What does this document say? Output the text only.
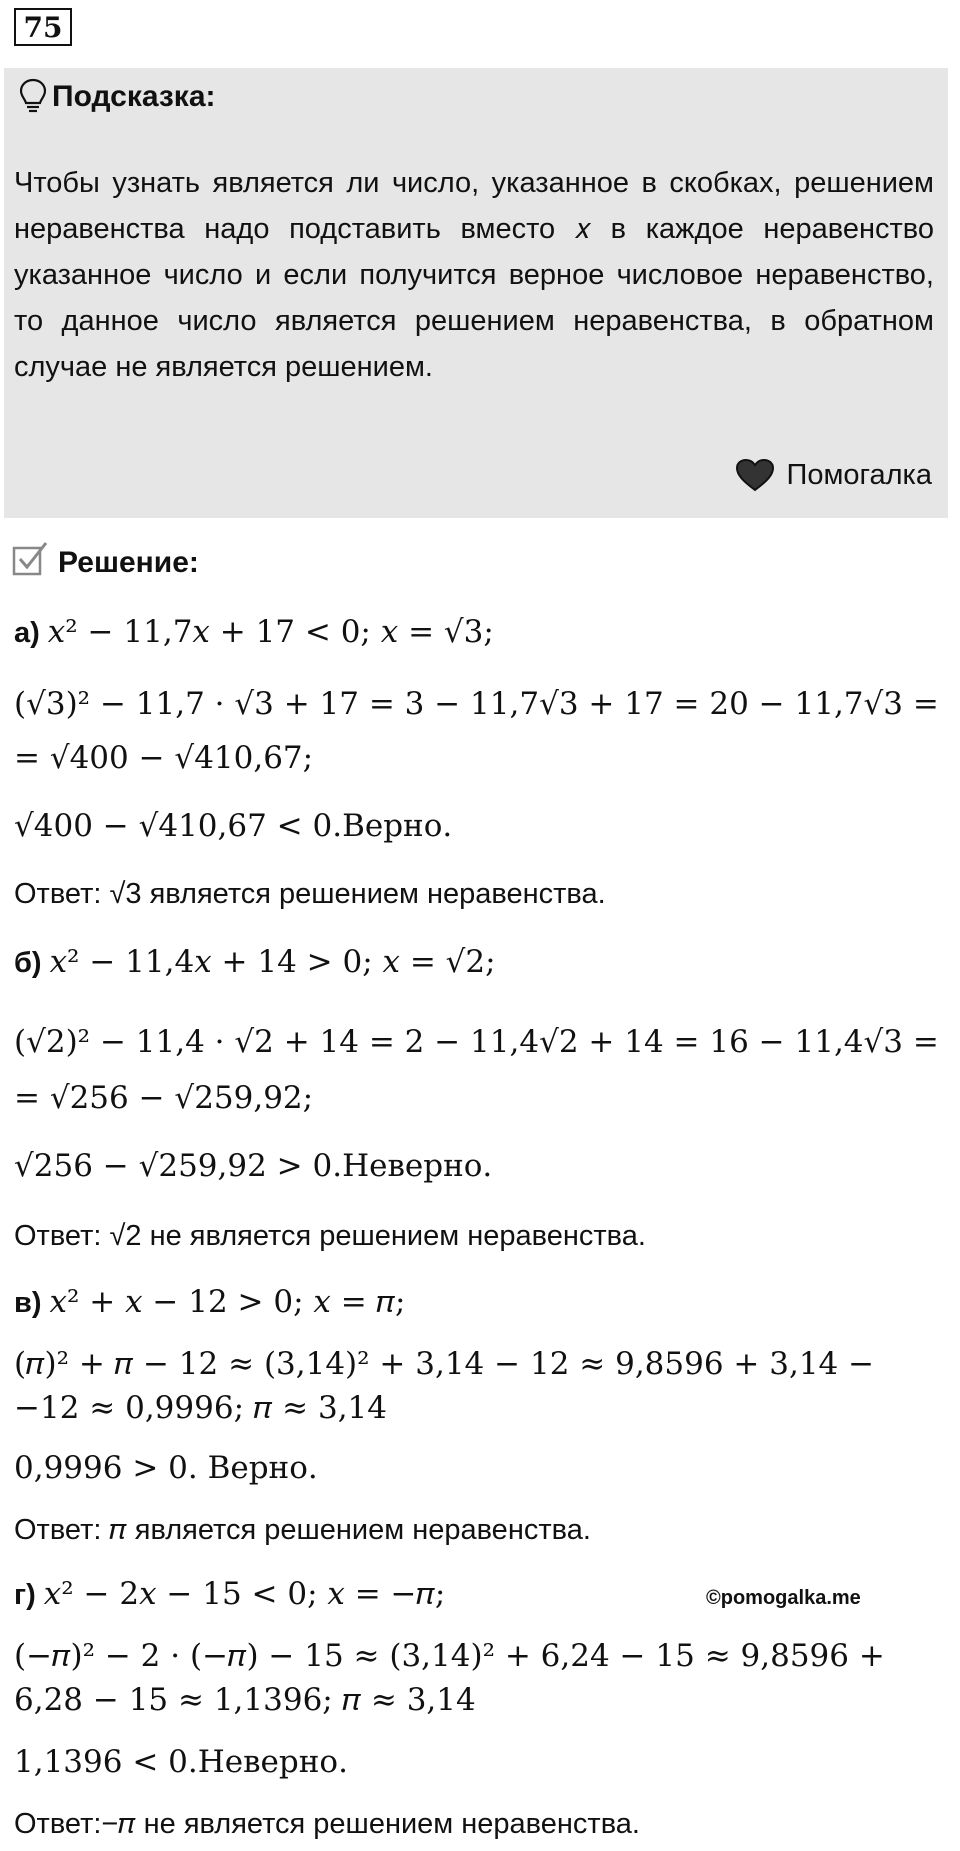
75
Подсказка:
Чтобы узнать является ли число, указанное в скобках, решением неравенства надо подставить вместо 𝑥 в каждое неравенство указанное число и если получится верное числовое неравенство, то данное число является решением неравенства, в обратном случае не является решением.
Помогалка
Решение:
а) 𝑥² − 11,7𝑥 + 17 < 0; 𝑥 = √3;
(√3)² − 11,7 · √3 + 17 = 3 − 11,7√3 + 17 = 20 − 11,7√3 =
= √400 − √410,67;
√400 − √410,67 < 0.Верно.
Ответ: √3 является решением неравенства.
б) 𝑥² − 11,4𝑥 + 14 > 0; 𝑥 = √2;
(√2)² − 11,4 · √2 + 14 = 2 − 11,4√2 + 14 = 16 − 11,4√3 =
= √256 − √259,92;
√256 − √259,92 > 0.Неверно.
Ответ: √2 не является решением неравенства.
в) 𝑥² + 𝑥 − 12 > 0; 𝑥 = 𝜋;
(𝜋)² + 𝜋 − 12 ≈ (3,14)² + 3,14 − 12 ≈ 9,8596 + 3,14 −
−12 ≈ 0,9996; 𝜋 ≈ 3,14
0,9996 > 0. Верно.
Ответ: 𝜋 является решением неравенства.
г) 𝑥² − 2𝑥 − 15 < 0; 𝑥 = −𝜋;	©pomogalka.me
(−𝜋)² − 2 · (−𝜋) − 15 ≈ (3,14)² + 6,24 − 15 ≈ 9,8596 +
6,28 − 15 ≈ 1,1396; 𝜋 ≈ 3,14
1,1396 < 0.Неверно.
Ответ:−𝜋 не является решением неравенства.
